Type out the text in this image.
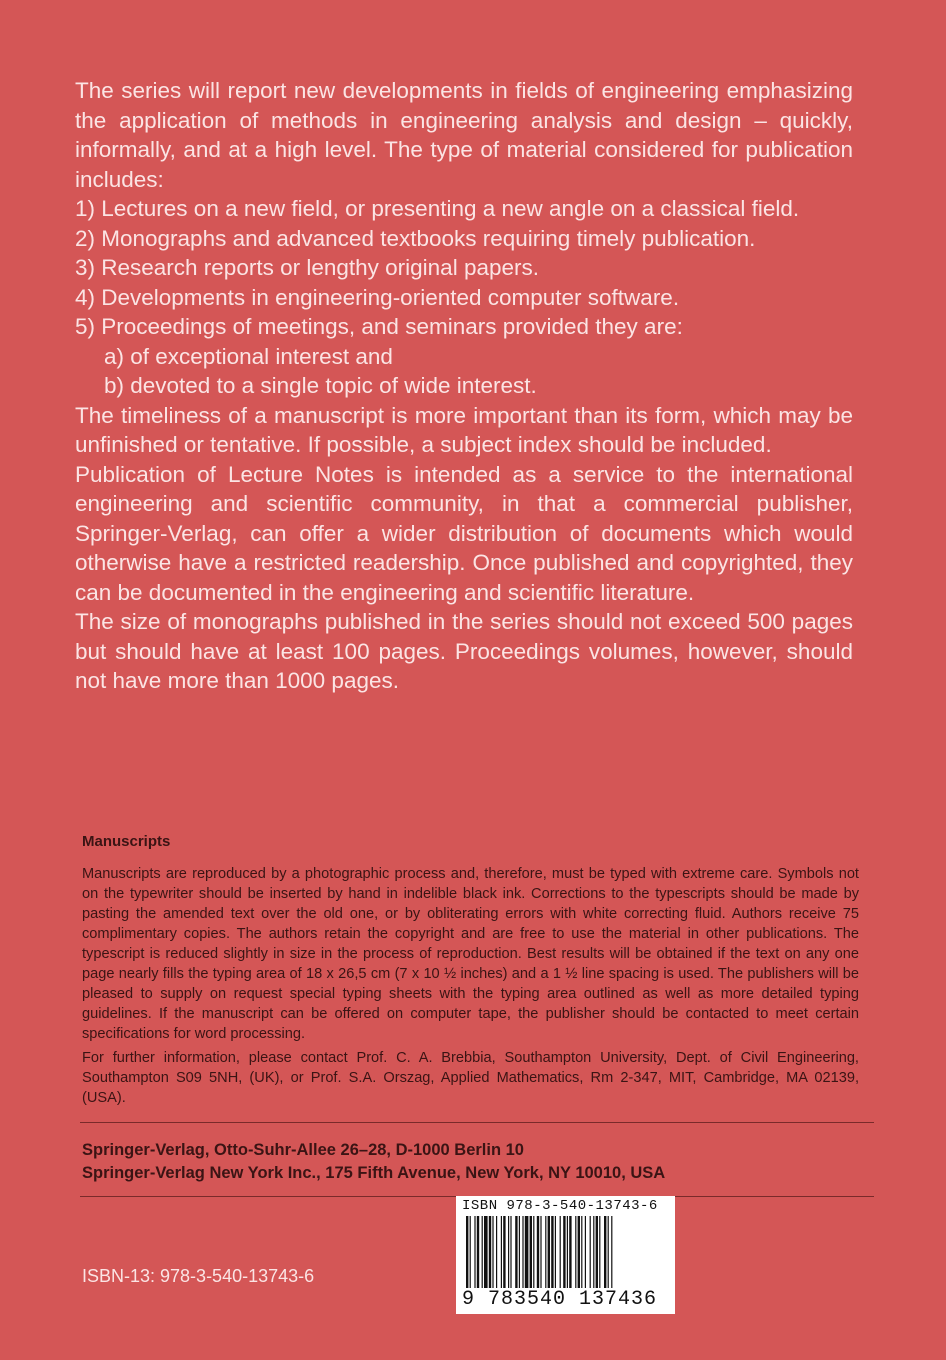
The series will report new developments in fields of engineering emphasizing the application of methods in engineering analysis and design – quickly, informally, and at a high level. The type of material considered for publication includes:

1) Lectures on a new field, or presenting a new angle on a classical field.
2) Monographs and advanced textbooks requiring timely publication.
3) Research reports or lengthy original papers.
4) Developments in engineering-oriented computer software.
5) Proceedings of meetings, and seminars provided they are:
a) of exceptional interest and
b) devoted to a single topic of wide interest.

The timeliness of a manuscript is more important than its form, which may be unfinished or tentative. If possible, a subject index should be included.

Publication of Lecture Notes is intended as a service to the international engineering and scientific community, in that a commercial publisher, Springer-Verlag, can offer a wider distribution of documents which would otherwise have a restricted readership. Once published and copyrighted, they can be documented in the engineering and scientific literature.

The size of monographs published in the series should not exceed 500 pages but should have at least 100 pages. Proceedings volumes, however, should not have more than 1000 pages.

Manuscripts

Manuscripts are reproduced by a photographic process and, therefore, must be typed with extreme care. Symbols not on the typewriter should be inserted by hand in indelible black ink. Corrections to the typescripts should be made by pasting the amended text over the old one, or by obliterating errors with white correcting fluid. Authors receive 75 complimentary copies. The authors retain the copyright and are free to use the material in other publications. The typescript is reduced slightly in size in the process of reproduction. Best results will be obtained if the text on any one page nearly fills the typing area of 18 x 26,5 cm (7 x 10 ½ inches) and a 1 ½ line spacing is used. The publishers will be pleased to supply on request special typing sheets with the typing area outlined as well as more detailed typing guidelines. If the manuscript can be offered on computer tape, the publisher should be contacted to meet certain specifications for word processing.

For further information, please contact Prof. C. A. Brebbia, Southampton University, Dept. of Civil Engineering, Southampton S09 5NH, (UK), or Prof. S.A. Orszag, Applied Mathematics, Rm 2-347, MIT, Cambridge, MA 02139, (USA).

Springer-Verlag, Otto-Suhr-Allee 26–28, D-1000 Berlin 10
Springer-Verlag New York Inc., 175 Fifth Avenue, New York, NY 10010, USA
ISBN-13: 978-3-540-13743-6
ISBN 978-3-540-13743-6
9 783540 137436
